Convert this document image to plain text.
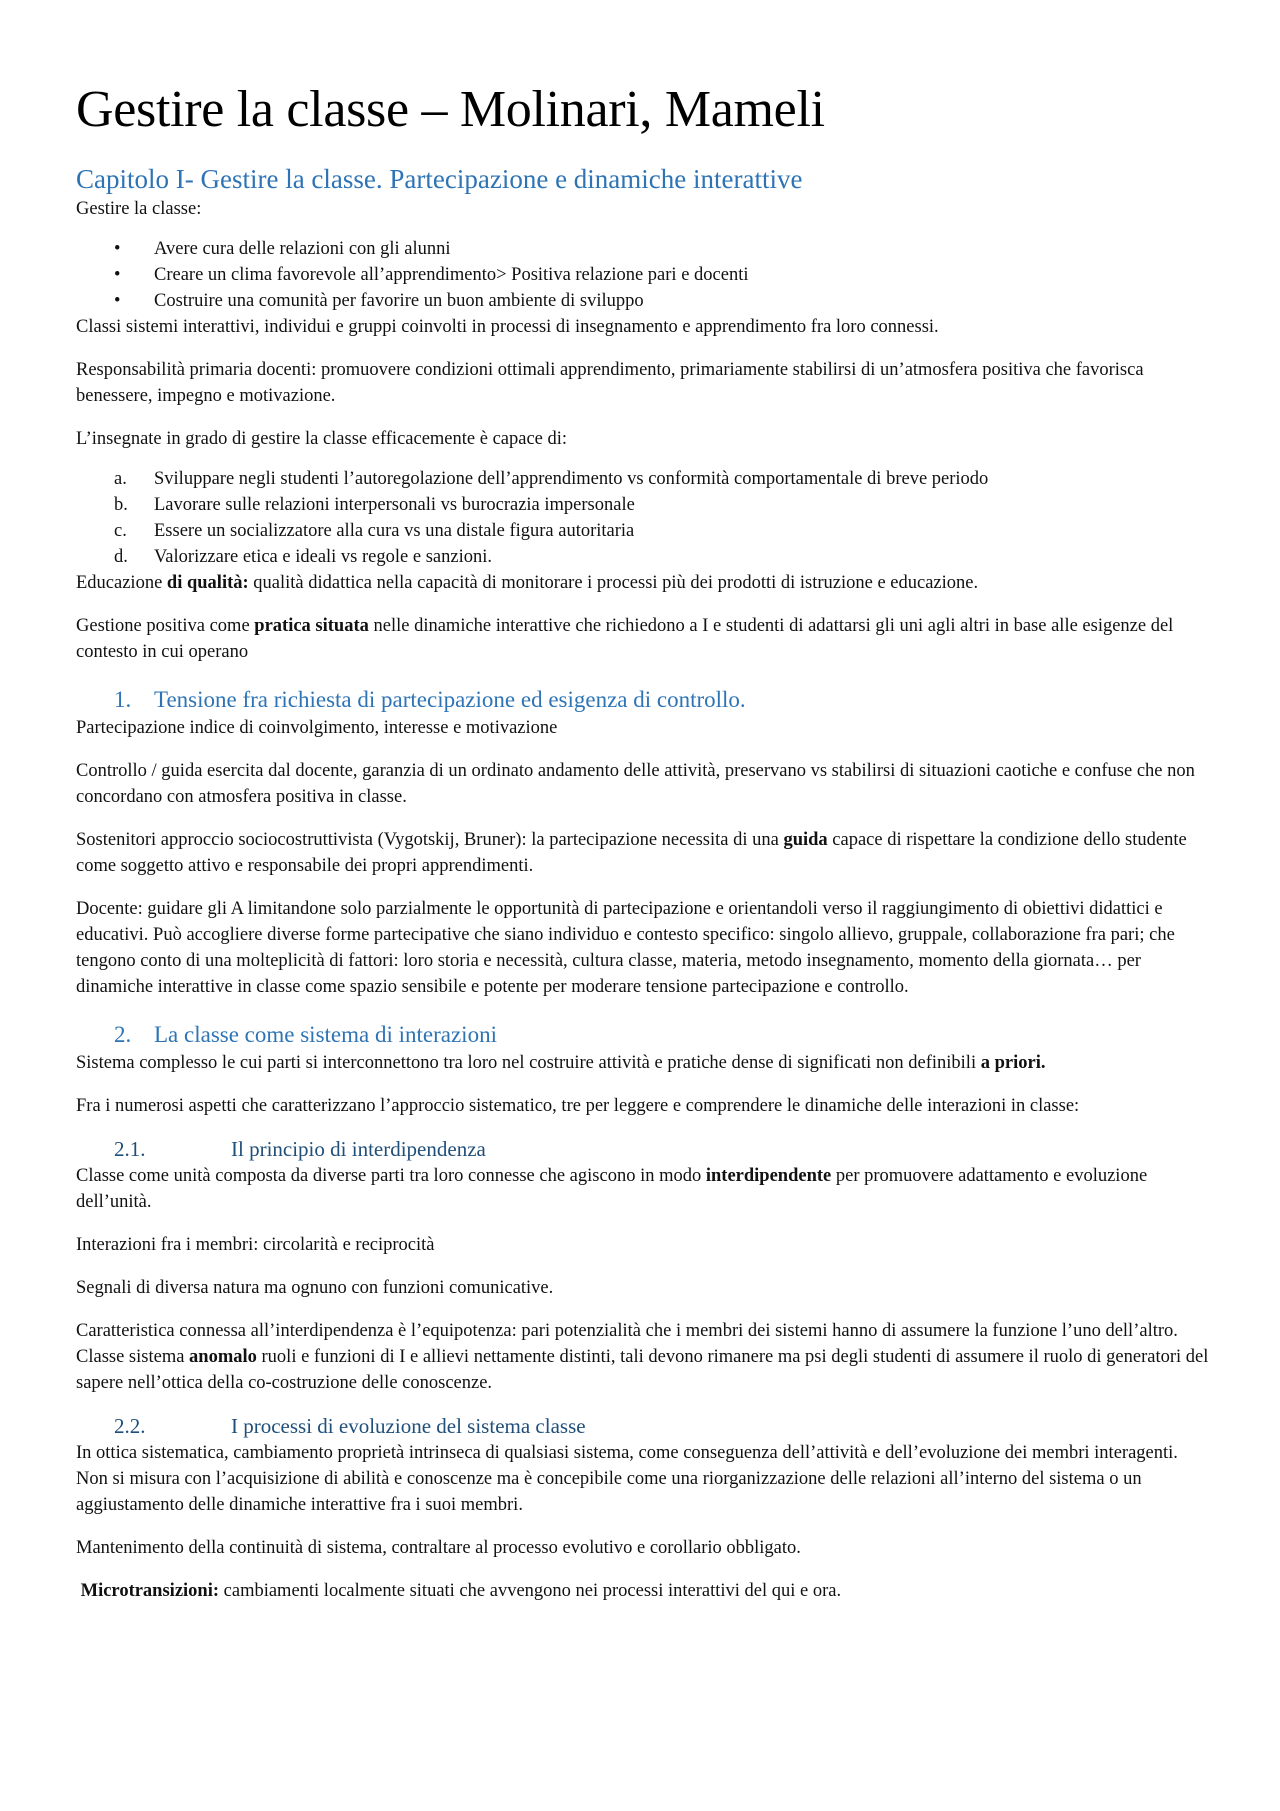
Gestire la classe – Molinari, Mameli
Capitolo I- Gestire la classe. Partecipazione e dinamiche interattive

Gestire la classe:

• Avere cura delle relazioni con gli alunni
• Creare un clima favorevole all’apprendimento> Positiva relazione pari e docenti
• Costruire una comunità per favorire un buon ambiente di sviluppo

Classi sistemi interattivi, individui e gruppi coinvolti in processi di insegnamento e apprendimento fra loro connessi.

Responsabilità primaria docenti: promuovere condizioni ottimali apprendimento, primariamente stabilirsi di un’atmosfera positiva che favorisca benessere, impegno e motivazione.

L’insegnate in grado di gestire la classe efficacemente è capace di:

a. Sviluppare negli studenti l’autoregolazione dell’apprendimento vs conformità comportamentale di breve periodo
b. Lavorare sulle relazioni interpersonali vs burocrazia impersonale
c. Essere un socializzatore alla cura vs una distale figura autoritaria
d. Valorizzare etica e ideali vs regole e sanzioni.

Educazione di qualità: qualità didattica nella capacità di monitorare i processi più dei prodotti di istruzione e educazione.

Gestione positiva come pratica situata nelle dinamiche interattive che richiedono a I e studenti di adattarsi gli uni agli altri in base alle esigenze del contesto in cui operano

1. Tensione fra richiesta di partecipazione ed esigenza di controllo.

Partecipazione indice di coinvolgimento, interesse e motivazione

Controllo / guida esercita dal docente, garanzia di un ordinato andamento delle attività, preservano vs stabilirsi di situazioni caotiche e confuse che non concordano con atmosfera positiva in classe.

Sostenitori approccio sociocostruttivista (Vygotskij, Bruner): la partecipazione necessita di una guida capace di rispettare la condizione dello studente come soggetto attivo e responsabile dei propri apprendimenti.

Docente: guidare gli A limitandone solo parzialmente le opportunità di partecipazione e orientandoli verso il raggiungimento di obiettivi didattici e educativi. Può accogliere diverse forme partecipative che siano individuo e contesto specifico: singolo allievo, gruppale, collaborazione fra pari; che tengono conto di una molteplicità di fattori: loro storia e necessità, cultura classe, materia, metodo insegnamento, momento della giornata… per dinamiche interattive in classe come spazio sensibile e potente per moderare tensione partecipazione e controllo.

2. La classe come sistema di interazioni

Sistema complesso le cui parti si interconnettono tra loro nel costruire attività e pratiche dense di significati non definibili a priori.

Fra i numerosi aspetti che caratterizzano l’approccio sistematico, tre per leggere e comprendere le dinamiche delle interazioni in classe:

2.1.	Il principio di interdipendenza

Classe come unità composta da diverse parti tra loro connesse che agiscono in modo interdipendente per promuovere adattamento e evoluzione dell’unità.

Interazioni fra i membri: circolarità e reciprocità

Segnali di diversa natura ma ognuno con funzioni comunicative.

Caratteristica connessa all’interdipendenza è l’equipotenza: pari potenzialità che i membri dei sistemi hanno di assumere la funzione l’uno dell’altro. Classe sistema anomalo ruoli e funzioni di I e allievi nettamente distinti, tali devono rimanere ma psi degli studenti di assumere il ruolo di generatori del sapere nell’ottica della co-costruzione delle conoscenze.

2.2.	I processi di evoluzione del sistema classe

In ottica sistematica, cambiamento proprietà intrinseca di qualsiasi sistema, come conseguenza dell’attività e dell’evoluzione dei membri interagenti. Non si misura con l’acquisizione di abilità e conoscenze ma è concepibile come una riorganizzazione delle relazioni all’interno del sistema o un aggiustamento delle dinamiche interattive fra i suoi membri.

Mantenimento della continuità di sistema, contraltare al processo evolutivo e corollario obbligato.

Microtransizioni: cambiamenti localmente situati che avvengono nei processi interattivi del qui e ora.
